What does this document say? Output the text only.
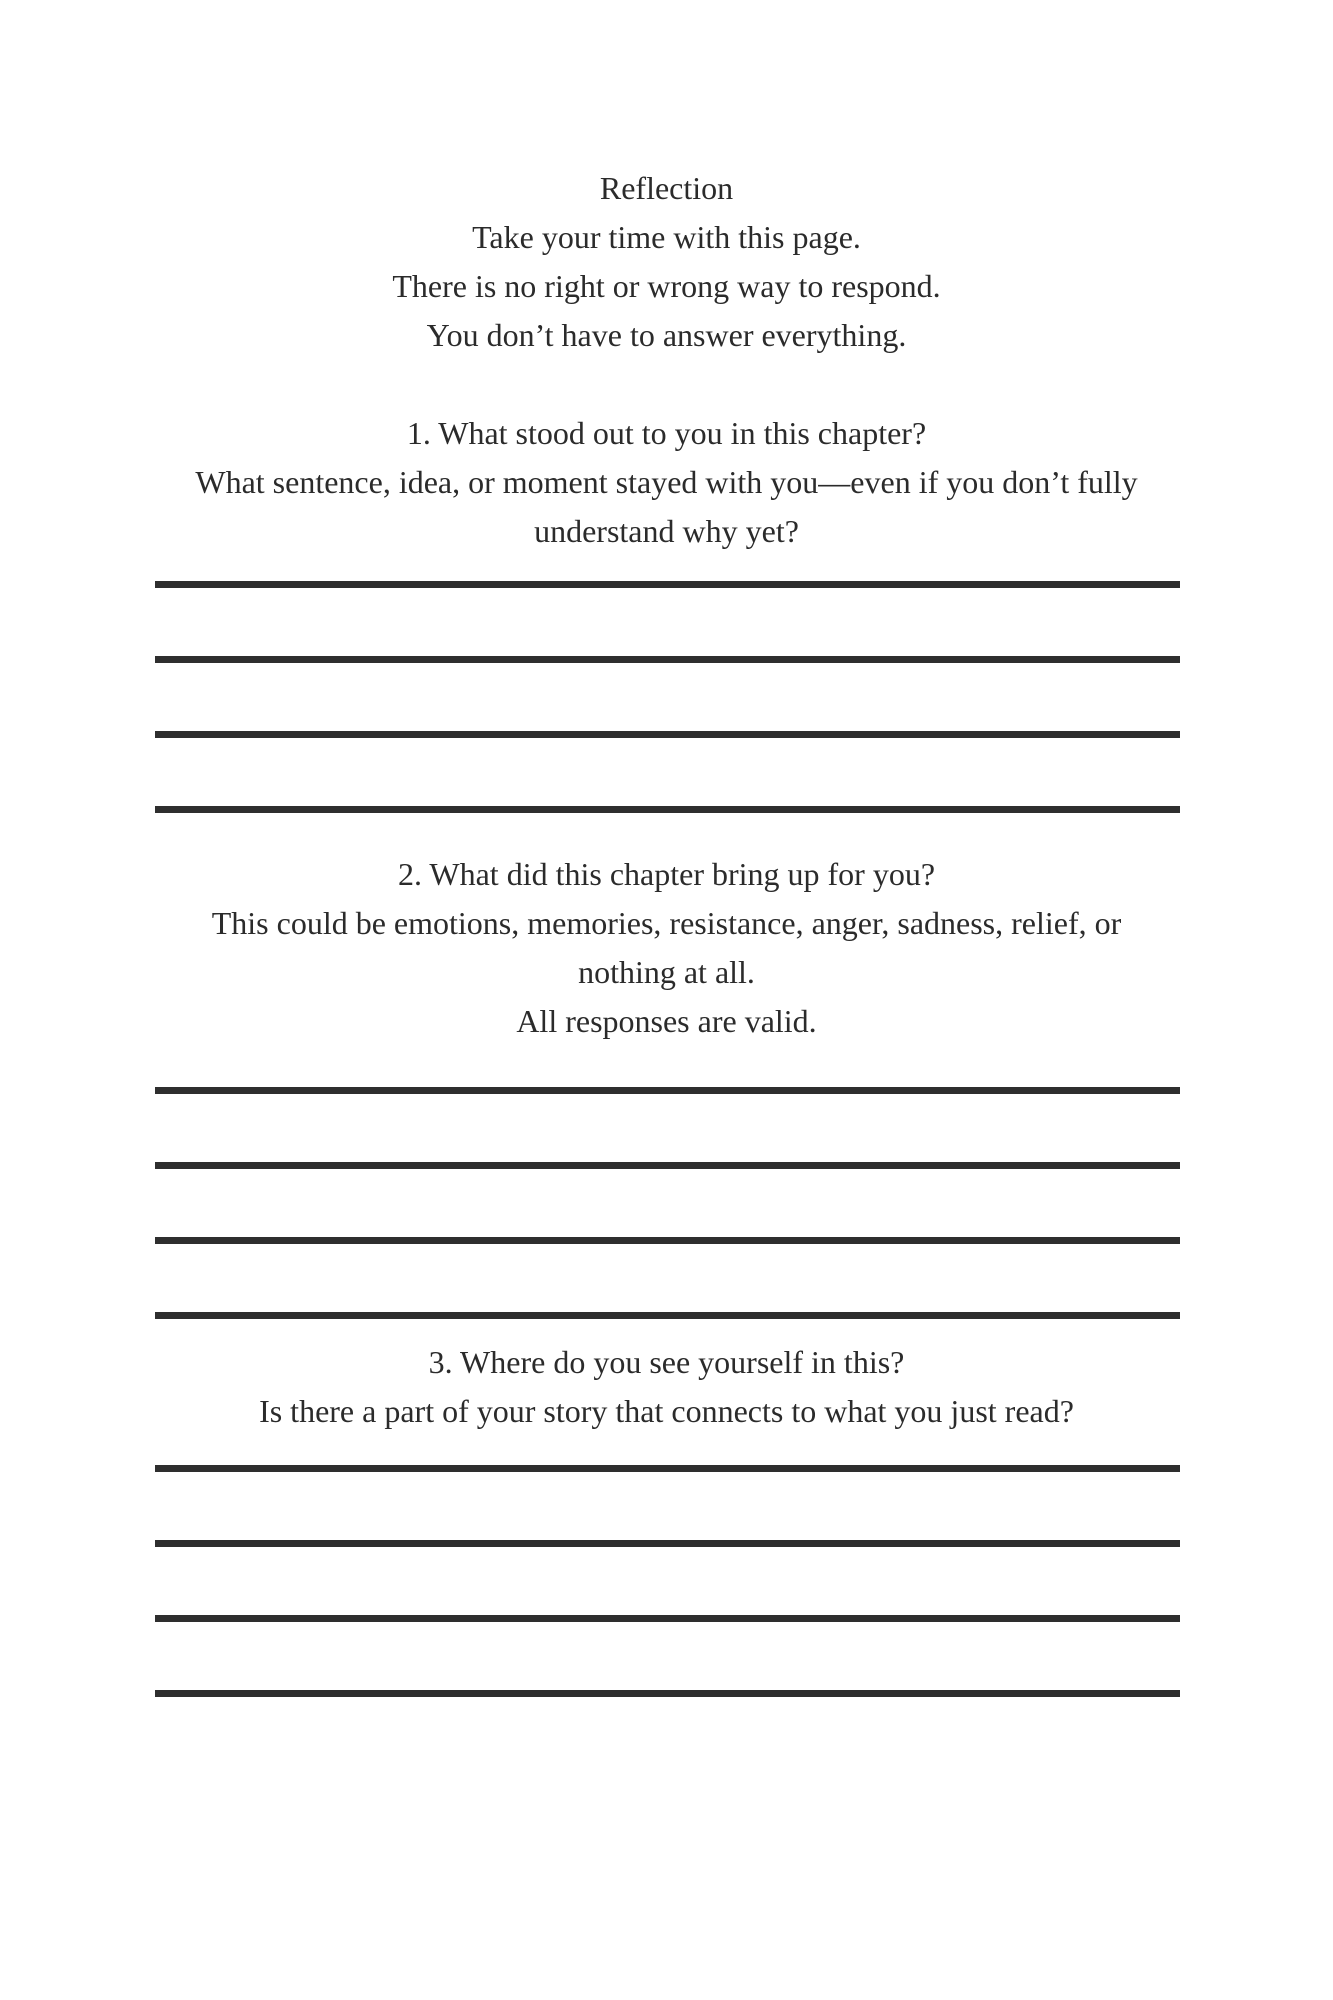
Reflection
Take your time with this page.
There is no right or wrong way to respond.
You don’t have to answer everything.
1. What stood out to you in this chapter?
What sentence, idea, or moment stayed with you—even if you don’t fully
understand why yet?
2. What did this chapter bring up for you?
This could be emotions, memories, resistance, anger, sadness, relief, or
nothing at all.
All responses are valid.
3. Where do you see yourself in this?
Is there a part of your story that connects to what you just read?
